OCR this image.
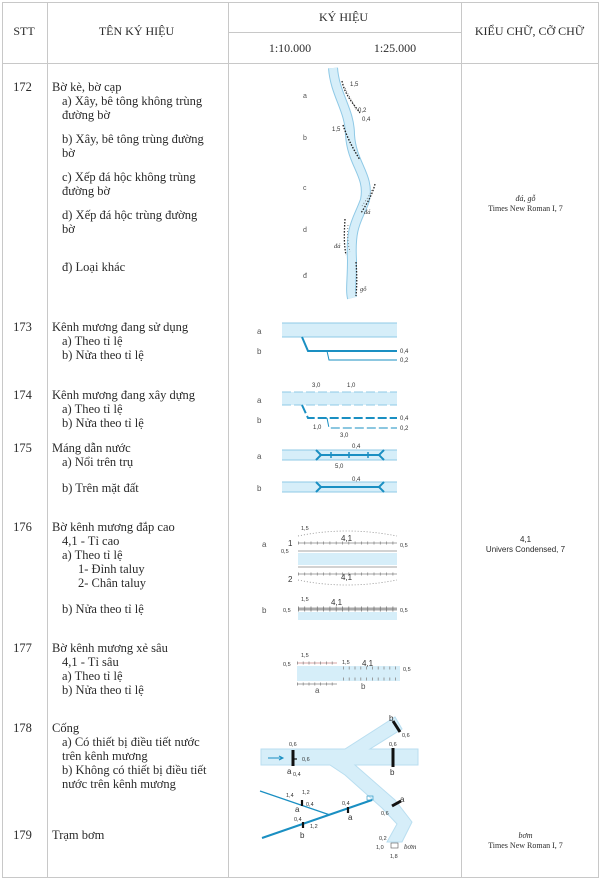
STT	TÊN KÝ HIỆU
KÝ HIỆU
1:10.000	1:25.000
KIỂU CHỮ, CỠ CHỮ
172	Bờ kè, bờ cạp
a) Xây, bê tông không trùng
đường bờ
b) Xây, bê tông trùng đường
bờ
c) Xếp đá hộc không trùng
đường bờ
d) Xếp đá hộc trùng đường
bờ
đ) Loại khác
đá, gỗ
Times New Roman I, 7
173	Kênh mương đang sử dụng
a) Theo tỉ lệ
b) Nửa theo tỉ lệ
174	Kênh mương đang xây dựng
a) Theo tỉ lệ
b) Nửa theo tỉ lệ
175	Máng dẫn nước
a) Nổi trên trụ
b) Trên mặt đất
176	Bờ kênh mương đắp cao
4,1 - Tỉ cao
a) Theo tỉ lệ
1- Đỉnh taluy
2- Chân taluy
b) Nửa theo tỉ lệ
4,1
Univers Condensed, 7
177	Bờ kênh mương xẻ sâu
4,1 - Tỉ sâu
a) Theo tỉ lệ
b) Nửa theo tỉ lệ
178	Cống
a) Có thiết bị điều tiết nước
trên kênh mương
b) Không có thiết bị điều tiết
nước trên kênh mương
179	Trạm bơm	bơm
Times New Roman I, 7
a
b
c
d
đ
1,5
0,2
0,4
1,5
đá
đá
gỗ
a
b	0,4
0,2
a
b
3,0	1,0
0,4
1,0	0,2
3,0
a
0,4
5,0
b
0,4
a	1
2
1,5
4,1
0,5
0,5
4,1
b
1,5	4,1
0,5	0,5
1,5
0,5	1,5 4,1
0,5
a	b
0,6
0,6
a 0,4
b
0,6
0,6
b
a
0,6
1,4 1,2
0,4
a
0,4
a
0,4
1,2
b	0,2
1,0
1,8
bơm
